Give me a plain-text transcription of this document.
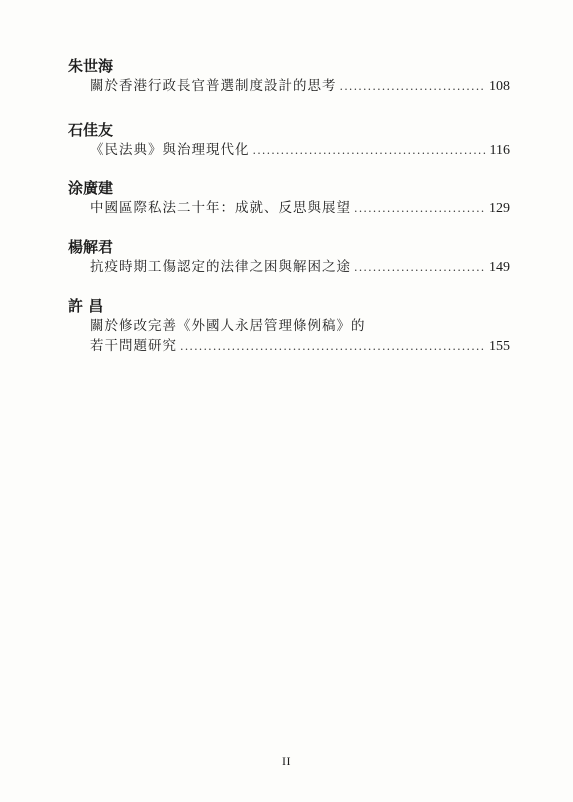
朱世海
關於香港行政長官普選制度設計的思考 .....	108
石佳友
《民法典》與治理現代化 .....	116
涂廣建
中國區際私法二十年：成就、反思與展望 .....	129
楊解君
抗疫時期工傷認定的法律之困與解困之途 .....	149
許 昌
關於修改完善《外國人永居管理條例稿》的
若干問題研究 .....	155
II
